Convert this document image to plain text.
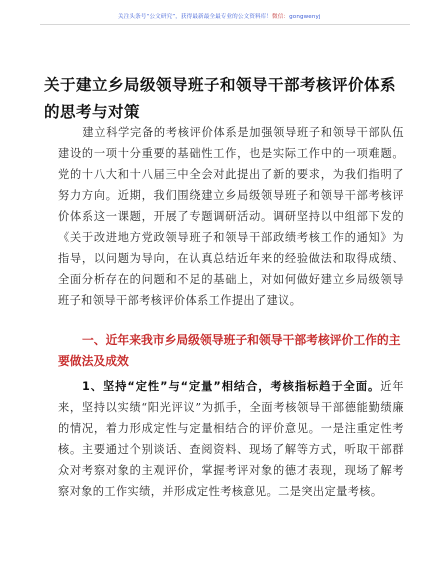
关注头条号“公文研究”，获得最新最全最专业的公文资料库！微信：gongwenyj
关于建立乡局级领导班子和领导干部考核评价体系的思考与对策

建立科学完备的考核评价体系是加强领导班子和领导干部队伍建设的一项十分重要的基础性工作，也是实际工作中的一项难题。党的十八大和十八届三中全会对此提出了新的要求，为我们指明了努力方向。近期，我们围绕建立乡局级领导班子和领导干部考核评价体系这一课题，开展了专题调研活动。调研坚持以中组部下发的《关于改进地方党政领导班子和领导干部政绩考核工作的通知》为指导，以问题为导向，在认真总结近年来的经验做法和取得成绩、全面分析存在的问题和不足的基础上，对如何做好建立乡局级领导班子和领导干部考核评价体系工作提出了建议。

一、近年来我市乡局级领导班子和领导干部考核评价工作的主要做法及成效

1、坚持“定性”与“定量”相结合，考核指标趋于全面。近年来，坚持以实绩“阳光评议”为抓手，全面考核领导干部德能勤绩廉的情况，着力形成定性与定量相结合的评价意见。一是注重定性考核。主要通过个别谈话、查阅资料、现场了解等方式，听取干部群众对考察对象的主观评价，掌握考评对象的德才表现，现场了解考察对象的工作实绩，并形成定性考核意见。二是突出定量考核。
